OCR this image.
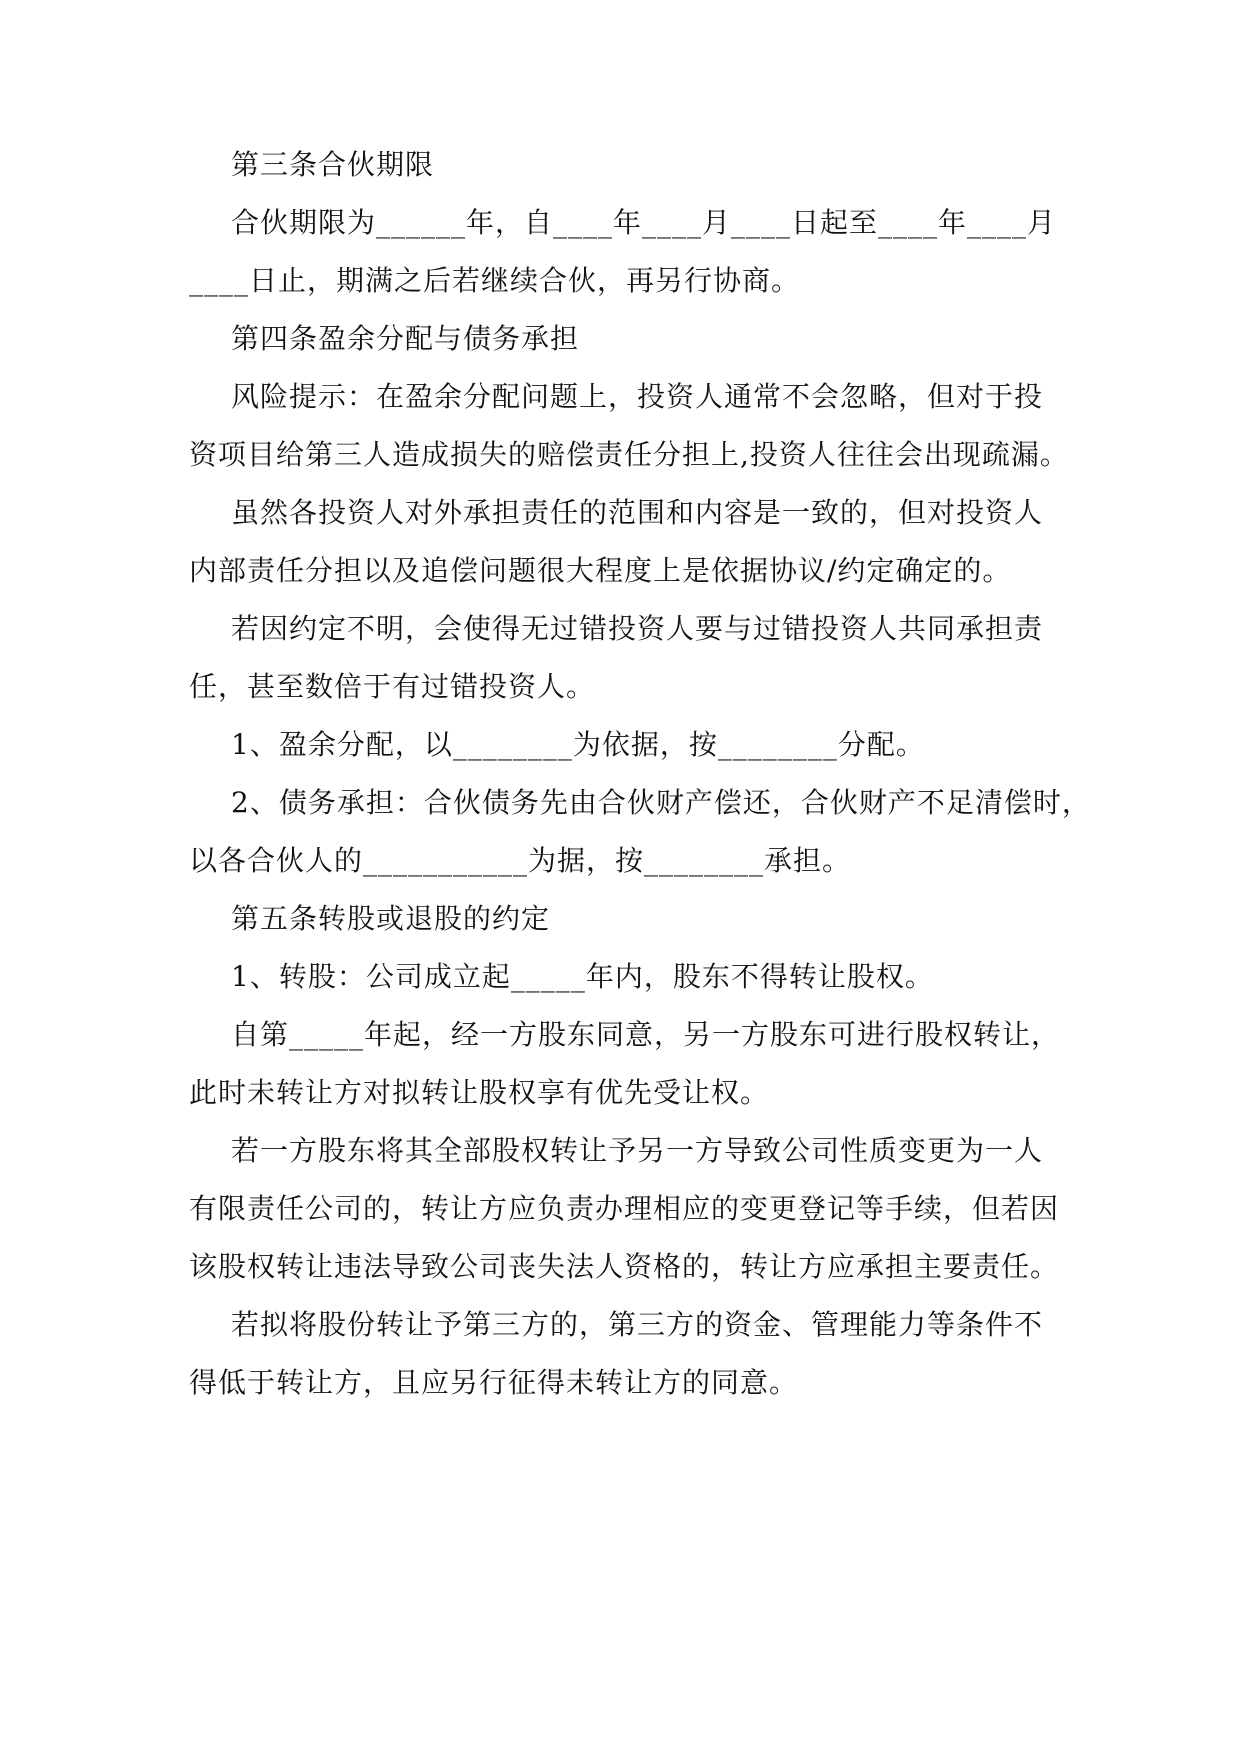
第三条合伙期限
合伙期限为______年，自____年____月____日起至____年____月
____日止，期满之后若继续合伙，再另行协商。
第四条盈余分配与债务承担
风险提示：在盈余分配问题上，投资人通常不会忽略，但对于投
资项目给第三人造成损失的赔偿责任分担上,投资人往往会出现疏漏。
虽然各投资人对外承担责任的范围和内容是一致的，但对投资人
内部责任分担以及追偿问题很大程度上是依据协议/约定确定的。
若因约定不明，会使得无过错投资人要与过错投资人共同承担责
任，甚至数倍于有过错投资人。
1、盈余分配，以________为依据，按________分配。
2、债务承担：合伙债务先由合伙财产偿还，合伙财产不足清偿时，
以各合伙人的___________为据，按________承担。
第五条转股或退股的约定
1、转股：公司成立起_____年内，股东不得转让股权。
自第_____年起，经一方股东同意，另一方股东可进行股权转让，
此时未转让方对拟转让股权享有优先受让权。
若一方股东将其全部股权转让予另一方导致公司性质变更为一人
有限责任公司的，转让方应负责办理相应的变更登记等手续，但若因
该股权转让违法导致公司丧失法人资格的，转让方应承担主要责任。
若拟将股份转让予第三方的，第三方的资金、管理能力等条件不
得低于转让方，且应另行征得未转让方的同意。
